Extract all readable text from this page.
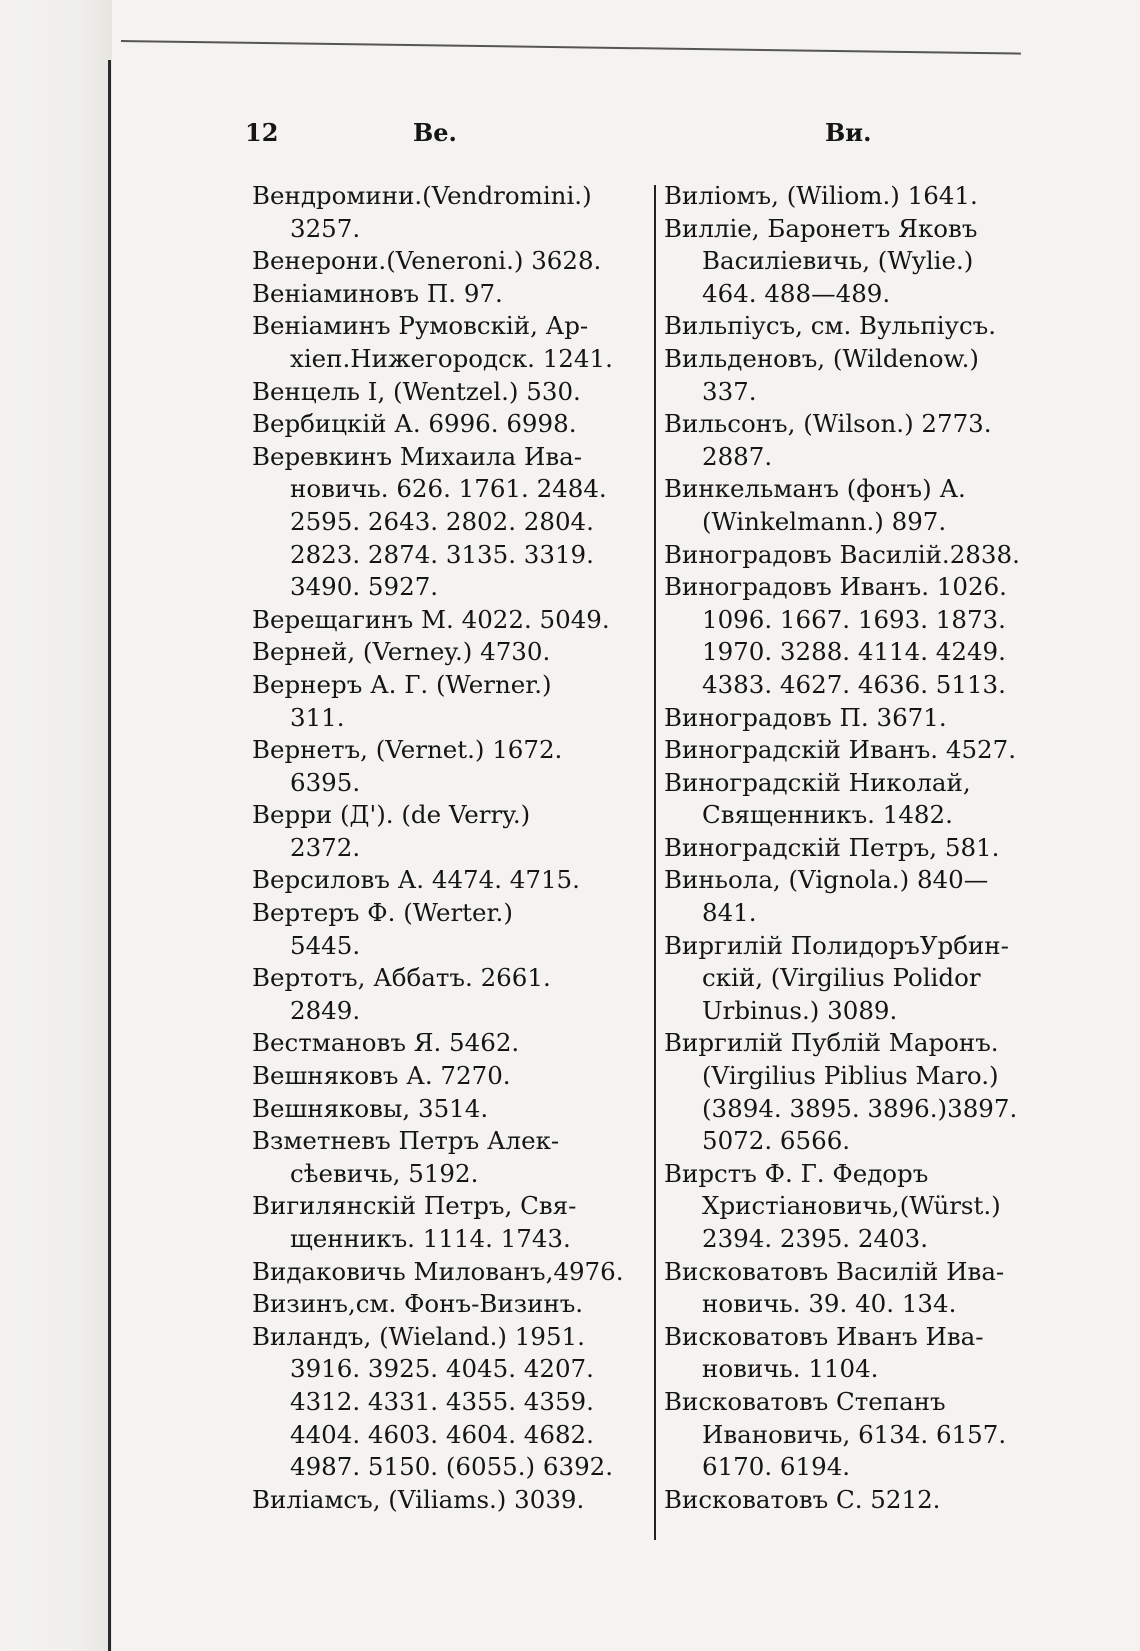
12	Ве.	Ви.
Вендромини.(Vendromini.)
3257.
Венерони.(Veneroni.) 3628.
Веніаминовъ П. 97.
Веніаминъ Румовскій, Ар-
хіеп.Нижегородск. 1241.
Венцель I, (Wentzel.) 530.
Вербицкій А. 6996. 6998.
Веревкинъ Михаила Ива-
новичь. 626. 1761. 2484.
2595. 2643. 2802. 2804.
2823. 2874. 3135. 3319.
3490. 5927.
Верещагинъ М. 4022. 5049.
Верней, (Verney.) 4730.
Вернеръ А. Г. (Werner.)
311.
Вернетъ, (Vernet.) 1672.
6395.
Верри (Д'). (de Verry.)
2372.
Версиловъ А. 4474. 4715.
Вертеръ Ф. (Werter.)
5445.
Вертотъ, Аббатъ. 2661.
2849.
Вестмановъ Я. 5462.
Вешняковъ А. 7270.
Вешняковы, 3514.
Взметневъ Петръ Алек-
сѣевичь, 5192.
Вигилянскій Петръ, Свя-
щенникъ. 1114. 1743.
Видаковичь Милованъ,4976.
Визинъ,см. Фонъ-Визинъ.
Виландъ, (Wieland.) 1951.
3916. 3925. 4045. 4207.
4312. 4331. 4355. 4359.
4404. 4603. 4604. 4682.
4987. 5150. (6055.) 6392.
Виліамсъ, (Viliams.) 3039.
Виліомъ, (Wiliom.) 1641.
Вилліе, Баронетъ Яковъ
Василіевичь, (Wylie.)
464. 488—489.
Вильпіусъ, см. Вульпіусъ.
Вильденовъ, (Wildenow.)
337.
Вильсонъ, (Wilson.) 2773.
2887.
Винкельманъ (фонъ) А.
(Winkelmann.) 897.
Виноградовъ Василій.2838.
Виноградовъ Иванъ. 1026.
1096. 1667. 1693. 1873.
1970. 3288. 4114. 4249.
4383. 4627. 4636. 5113.
Виноградовъ П. 3671.
Виноградскій Иванъ. 4527.
Виноградскій Николай,
Священникъ. 1482.
Виноградскій Петръ, 581.
Виньола, (Vignola.) 840—
841.
Виргилій ПолидоръУрбин-
скій, (Virgilius Polidor
Urbinus.) 3089.
Виргилій Публій Маронъ.
(Virgilius Piblius Maro.)
(3894. 3895. 3896.)3897.
5072. 6566.
Вирстъ Ф. Г. Федоръ
Христіановичь,(Würst.)
2394. 2395. 2403.
Висковатовъ Василій Ива-
новичь. 39. 40. 134.
Висковатовъ Иванъ Ива-
новичь. 1104.
Висковатовъ Степанъ
Ивановичь, 6134. 6157.
6170. 6194.
Висковатовъ С. 5212.
